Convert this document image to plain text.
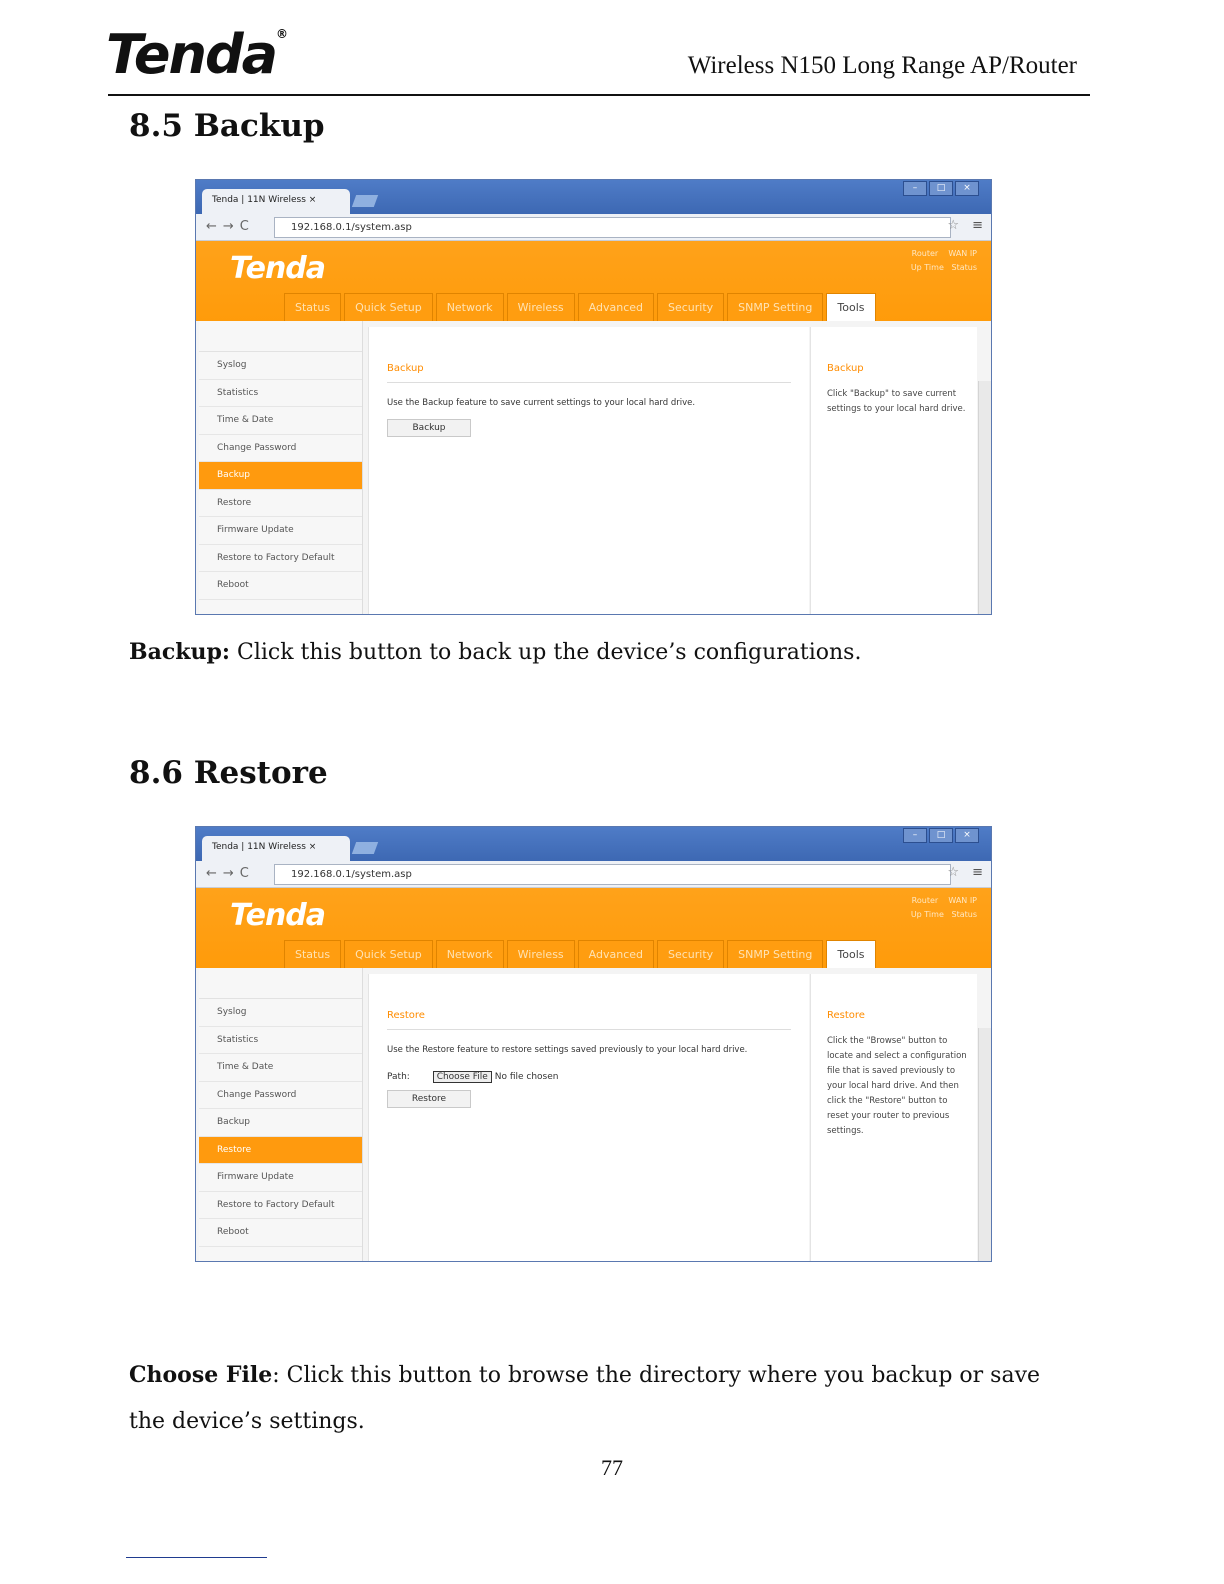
Tenda®
Wireless N150 Long Range AP/Router
8.5 Backup
Tenda | 11N Wireless ×
–	□	×
←→C	192.168.0.1/system.asp	☆ ≡
Tenda	Router    WAN IP
Up Time   Status
Status	Quick Setup	Network	Wireless	Advanced	Security	SNMP Setting	Tools
Syslog
Statistics
Time & Date
Change Password
Backup
Restore
Firmware Update
Restore to Factory Default
Reboot
Backup
Use the Backup feature to save current settings to your local hard drive.
Backup
Backup
Click "Backup" to save current settings to your local hard drive.
Backup: Click this button to back up the device’s configurations.
8.6 Restore
Tenda | 11N Wireless ×
–	□	×
←→C	192.168.0.1/system.asp	☆ ≡
Tenda	Router    WAN IP
Up Time   Status
Status	Quick Setup	Network	Wireless	Advanced	Security	SNMP Setting	Tools
Syslog
Statistics
Time & Date
Change Password
Backup
Restore
Firmware Update
Restore to Factory Default
Reboot
Restore
Use the Restore feature to restore settings saved previously to your local hard drive.
Path:	Choose File No file chosen
Restore
Restore
Click the "Browse" button to locate and select a configuration file that is saved previously to your local hard drive. And then click the "Restore" button to reset your router to previous settings.
Choose File: Click this button to browse the directory where you backup or save the device’s settings.
77
